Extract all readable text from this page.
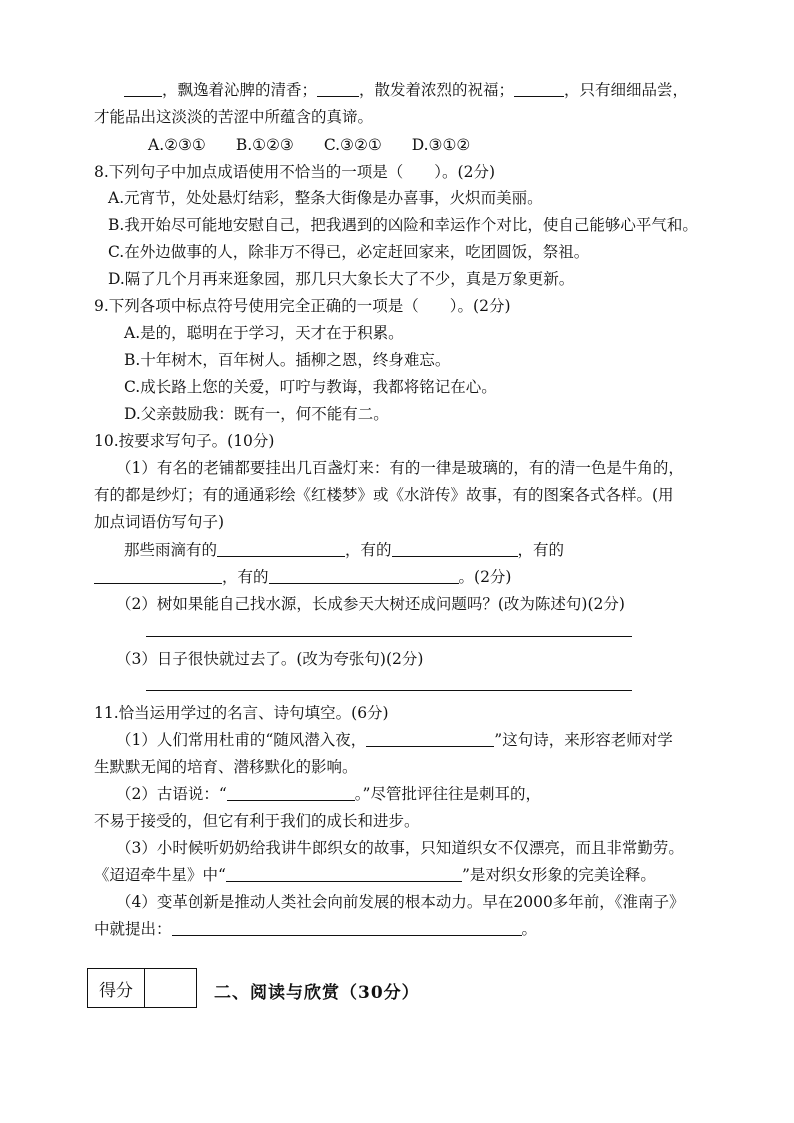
，飘逸着沁脾的清香；	，散发着浓烈的祝福；	，只有细细品尝，
才能品出这淡淡的苦涩中所蕴含的真谛。
A.②③① B.①②③ C.③②① D.③①②
8.下列句子中加点成语使用不恰当的一项是（　　）。(2分)
A.元宵节，处处悬灯结彩，整条大街像是办喜事，火炽而美丽。
B.我开始尽可能地安慰自己，把我遇到的凶险和幸运作个对比，使自己能够心平气和。
C.在外边做事的人，除非万不得已，必定赶回家来，吃团圆饭，祭祖。
D.隔了几个月再来逛象园，那几只大象长大了不少，真是万象更新。
9.下列各项中标点符号使用完全正确的一项是（　　）。(2分)
A.是的，聪明在于学习，天才在于积累。
B.十年树木，百年树人。插柳之恩，终身难忘。
C.成长路上您的关爱，叮咛与教诲，我都将铭记在心。
D.父亲鼓励我：既有一，何不能有二。
10.按要求写句子。(10分)
（1）有名的老铺都要挂出几百盏灯来：有的一律是玻璃的，有的清一色是牛角的，
有的都是纱灯；有的通通彩绘《红楼梦》或《水浒传》故事，有的图案各式各样。(用
加点词语仿写句子)
那些雨滴有的	，有的	，有的
，有的	。(2分)
（2）树如果能自己找水源，长成参天大树还成问题吗？(改为陈述句)(2分)
（3）日子很快就过去了。(改为夸张句)(2分)
11.恰当运用学过的名言、诗句填空。(6分)
（1）人们常用杜甫的“随风潜入夜，	”这句诗，来形容老师对学
生默默无闻的培育、潜移默化的影响。
（2）古语说：“	。”尽管批评往往是刺耳的，
不易于接受的，但它有利于我们的成长和进步。
（3）小时候听奶奶给我讲牛郎织女的故事，只知道织女不仅漂亮，而且非常勤劳。
《迢迢牵牛星》中“	”是对织女形象的完美诠释。
（4）变革创新是推动人类社会向前发展的根本动力。早在2000多年前，《淮南子》
中就提出：	。
得分	二、阅读与欣赏（30分）
